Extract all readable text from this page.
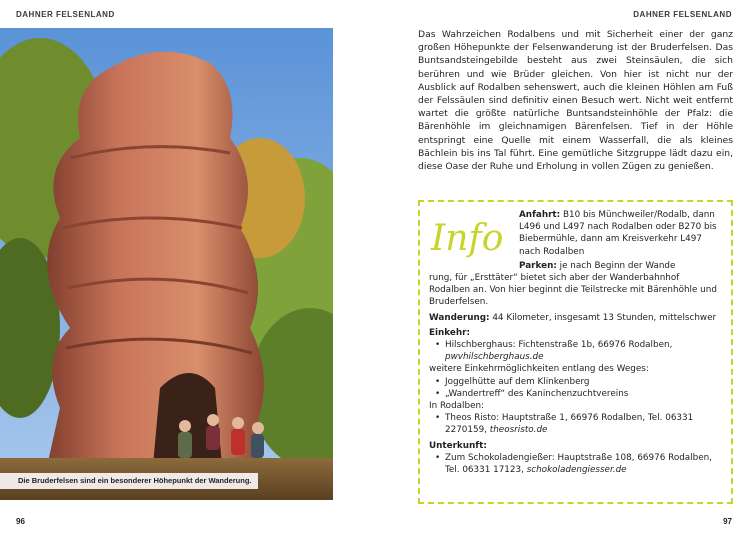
DAHNER FELSENLAND
Die Bruderfelsen sind ein besonderer Höhepunkt der Wanderung.
96
DAHNER FELSENLAND

Das Wahrzeichen Rodalbens und mit Sicherheit einer der ganz großen Höhepunkte der Felsenwanderung ist der Bruderfelsen. Das Buntsandsteingebilde besteht aus zwei Steinsäulen, die sich berühren und wie Brüder gleichen. Von hier ist nicht nur der Ausblick auf Rodalben sehenswert, auch die kleinen Höhlen am Fuß der Felssäulen sind definitiv einen Besuch wert. Nicht weit entfernt wartet die größte natürliche Buntsandsteinhöhle der Pfalz: die Bärenhöhle im gleichnamigen Bärenfelsen. Tief in der Höhle entspringt eine Quelle mit einem Wasserfall, die als kleines Bächlein bis ins Tal führt. Eine gemütliche Sitzgruppe lädt dazu ein, diese Oase der Ruhe und Erholung in vollen Zügen zu genießen.

Info
Anfahrt: B10 bis Münchweiler/Rodalb, dann L496 und L497 nach Rodalben oder B270 bis Biebermühle, dann am Kreisverkehr L497 nach Rodalben
Parken: je nach Beginn der Wande
rung, für „Ersttäter“ bietet sich aber der Wanderbahnhof Rodalben an. Von hier beginnt die Teilstrecke mit Bärenhöhle und Bruderfelsen.
Wanderung: 44 Kilometer, insgesamt 13 Stunden, mittelschwer
Einkehr:
• Hilschberghaus: Fichtenstraße 1b, 66976 Rodalben,
pwvhilschberghaus.de
weitere Einkehrmöglichkeiten entlang des Weges:
• Joggelhütte auf dem Klinkenberg
• „Wandertreff“ des Kaninchenzuchtvereins
In Rodalben:
• Theos Risto: Hauptstraße 1, 66976 Rodalben, Tel. 06331 2270159, theosristo.de
Unterkunft:
• Zum Schokoladengießer: Hauptstraße 108, 66976 Rodalben, Tel. 06331 17123, schokoladengiesser.de
97
